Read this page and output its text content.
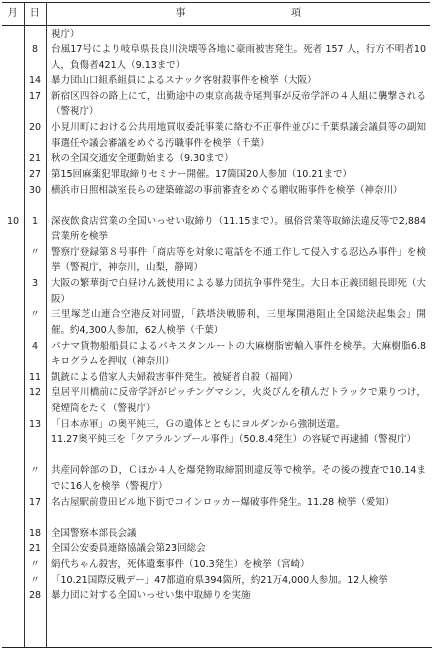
月	日	事　　　　　　　　　　項
視庁）
8	台風17号により岐阜県長良川決壊等各地に豪雨被害発生。死者 157 人，行方不明者10人，負傷者421人（9.13まで）
14	暴力団山口組系組員によるスナック客射殺事件を検挙（大阪）
17	新宿区四谷の路上にて，出勤途中の東京高裁寺尾判事が反帝学評の４人組に襲撃される（警視庁）
20	小見川町における公共用地買収委託事業に絡む不正事件並びに千葉県議会議員等の副知事選任や議会審議をめぐる汚職事件を検挙（千葉）
21	秋の全国交通安全運動始まる（9.30まで）
27	第15回麻薬犯罪取締りセミナー開催。17箇国20人参加（10.21まで）
30	横浜市日照相談室長らの建築確認の事前審査をめぐる贈収賄事件を検挙（神奈川）
10	1	深夜飲食店営業の全国いっせい取締り（11.15まで）。風俗営業等取締法違反等で2,884営業所を検挙
〃	警察庁登録第８号事件「商店等を対象に電話を不通工作して侵入する忍込み事件」を検挙（警視庁，神奈川，山梨，静岡）
3	大阪の繁華街で白昼けん銃使用による暴力団抗争事件発生。大日本正義団組長即死（大阪）
〃	三里塚芝山連合空港反対同盟，「鉄塔決戦勝利，三里塚開港阻止全国総決起集会」開催。約4,300人参加，62人検挙（千葉）
4	パナマ貨物船船員によるパキスタンルートの大麻樹脂密輸入事件を検挙。大麻樹脂6.8キログラムを押収（神奈川）
11	凱銃による借家人夫婦殺害事件発生。被疑者自殺（福岡）
12	皇居平川橋前に反帝学評がピッチングマシン，火炎びんを積んだトラックで乗りつけ，発煙筒をたく（警視庁）
13	「日本赤軍」の奥平純三，Ｇの遺体とともにヨルダンから強制送還。
11.27奥平純三を「クアラルンプール事件」（50.8.4発生）の容疑で再逮捕（警視庁）
〃	共産同幹部のＤ，Ｃほか４人を爆発物取締罰則違反等で検挙。その後の捜査で10.14までに16人を検挙（警視庁）
17	名古屋駅前豊田ビル地下街でコインロッカー爆破事件発生。11.28 検挙（愛知）
18	全国警察本部長会議
21	全国公安委員連絡協議会第23回総会
〃	絹代ちゃん殺害，死体遺棄事件（10.3発生）を検挙（宮崎）
〃	「10.21国際反戦デー」47都道府県394箇所，約21万4,000人参加。12人検挙
28	暴力団に対する全国いっせい集中取締りを実施
